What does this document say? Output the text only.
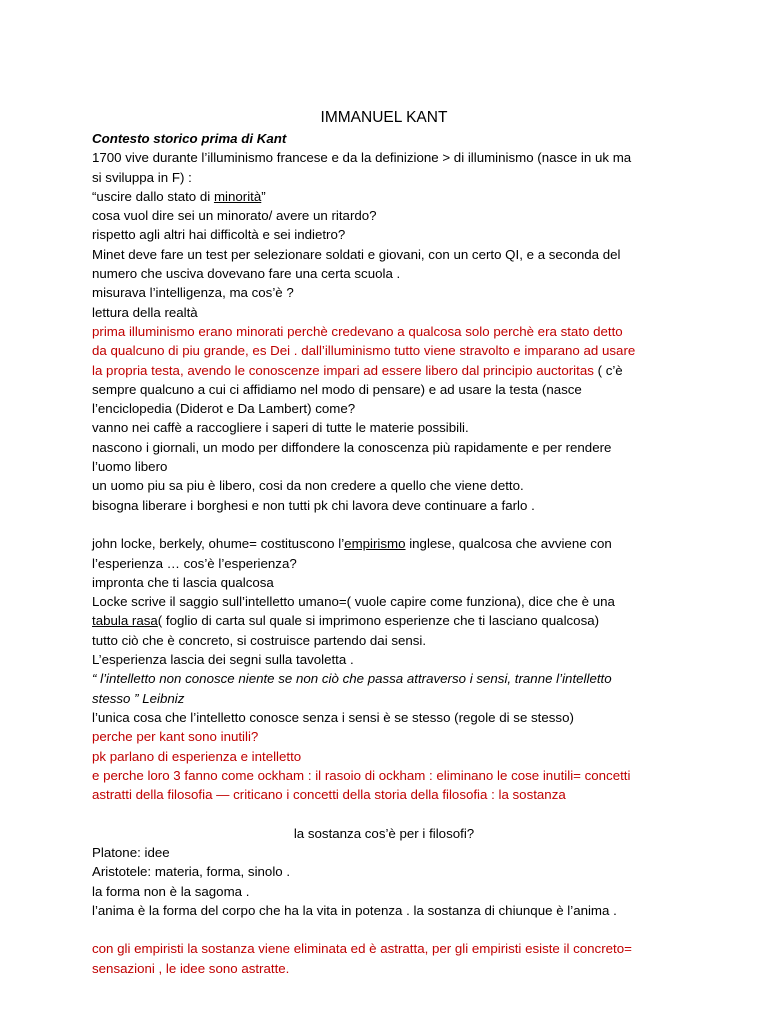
IMMANUEL KANT

Contesto storico prima di Kant

1700 vive durante l’illuminismo francese e da la definizione > di illuminismo (nasce in uk ma

si sviluppa in F) :

“uscire dallo stato di minorità”

cosa vuol dire sei un minorato/ avere un ritardo?

rispetto agli altri hai difficoltà e sei indietro?

Minet deve fare un test per selezionare soldati e giovani, con un certo QI, e a seconda del

numero che usciva dovevano fare una certa scuola .

misurava l’intelligenza, ma cos’è ?

lettura della realtà

prima illuminismo erano minorati perchè credevano a qualcosa solo perchè era stato detto

da qualcuno di piu grande, es Dei . dall’illuminismo tutto viene stravolto e imparano ad usare

la propria testa, avendo le conoscenze impari ad essere libero dal principio auctoritas ( c’è

sempre qualcuno a cui ci affidiamo nel modo di pensare) e ad usare la testa (nasce

l’enciclopedia (Diderot e Da Lambert) come?

vanno nei caffè a raccogliere i saperi di tutte le materie possibili.

nascono i giornali, un modo per diffondere la conoscenza più rapidamente e per rendere

l’uomo libero

un uomo piu sa piu è libero, cosi da non credere a quello che viene detto.

bisogna liberare i borghesi e non tutti pk chi lavora deve continuare a farlo .

john locke, berkely, ohume= costituscono l’empirismo inglese, qualcosa che avviene con

l’esperienza … cos’è l’esperienza?

impronta che ti lascia qualcosa

Locke scrive il saggio sull’intelletto umano=( vuole capire come funziona), dice che è una

tabula rasa( foglio di carta sul quale si imprimono esperienze che ti lasciano qualcosa)

tutto ciò che è concreto, si costruisce partendo dai sensi.

L’esperienza lascia dei segni sulla tavoletta .

“ l’intelletto non conosce niente se non ciò che passa attraverso i sensi, tranne l’intelletto

stesso ” Leibniz

l’unica cosa che l’intelletto conosce senza i sensi è se stesso (regole di se stesso)

perche per kant sono inutili?

pk parlano di esperienza e intelletto

e perche loro 3 fanno come ockham : il rasoio di ockham : eliminano le cose inutili= concetti

astratti della filosofia — criticano i concetti della storia della filosofia : la sostanza

la sostanza cos’è per i filosofi?

Platone: idee

Aristotele: materia, forma, sinolo .

la forma non è la sagoma .

l’anima è la forma del corpo che ha la vita in potenza . la sostanza di chiunque è l’anima .

con gli empiristi la sostanza viene eliminata ed è astratta, per gli empiristi esiste il concreto=

sensazioni , le idee sono astratte.
